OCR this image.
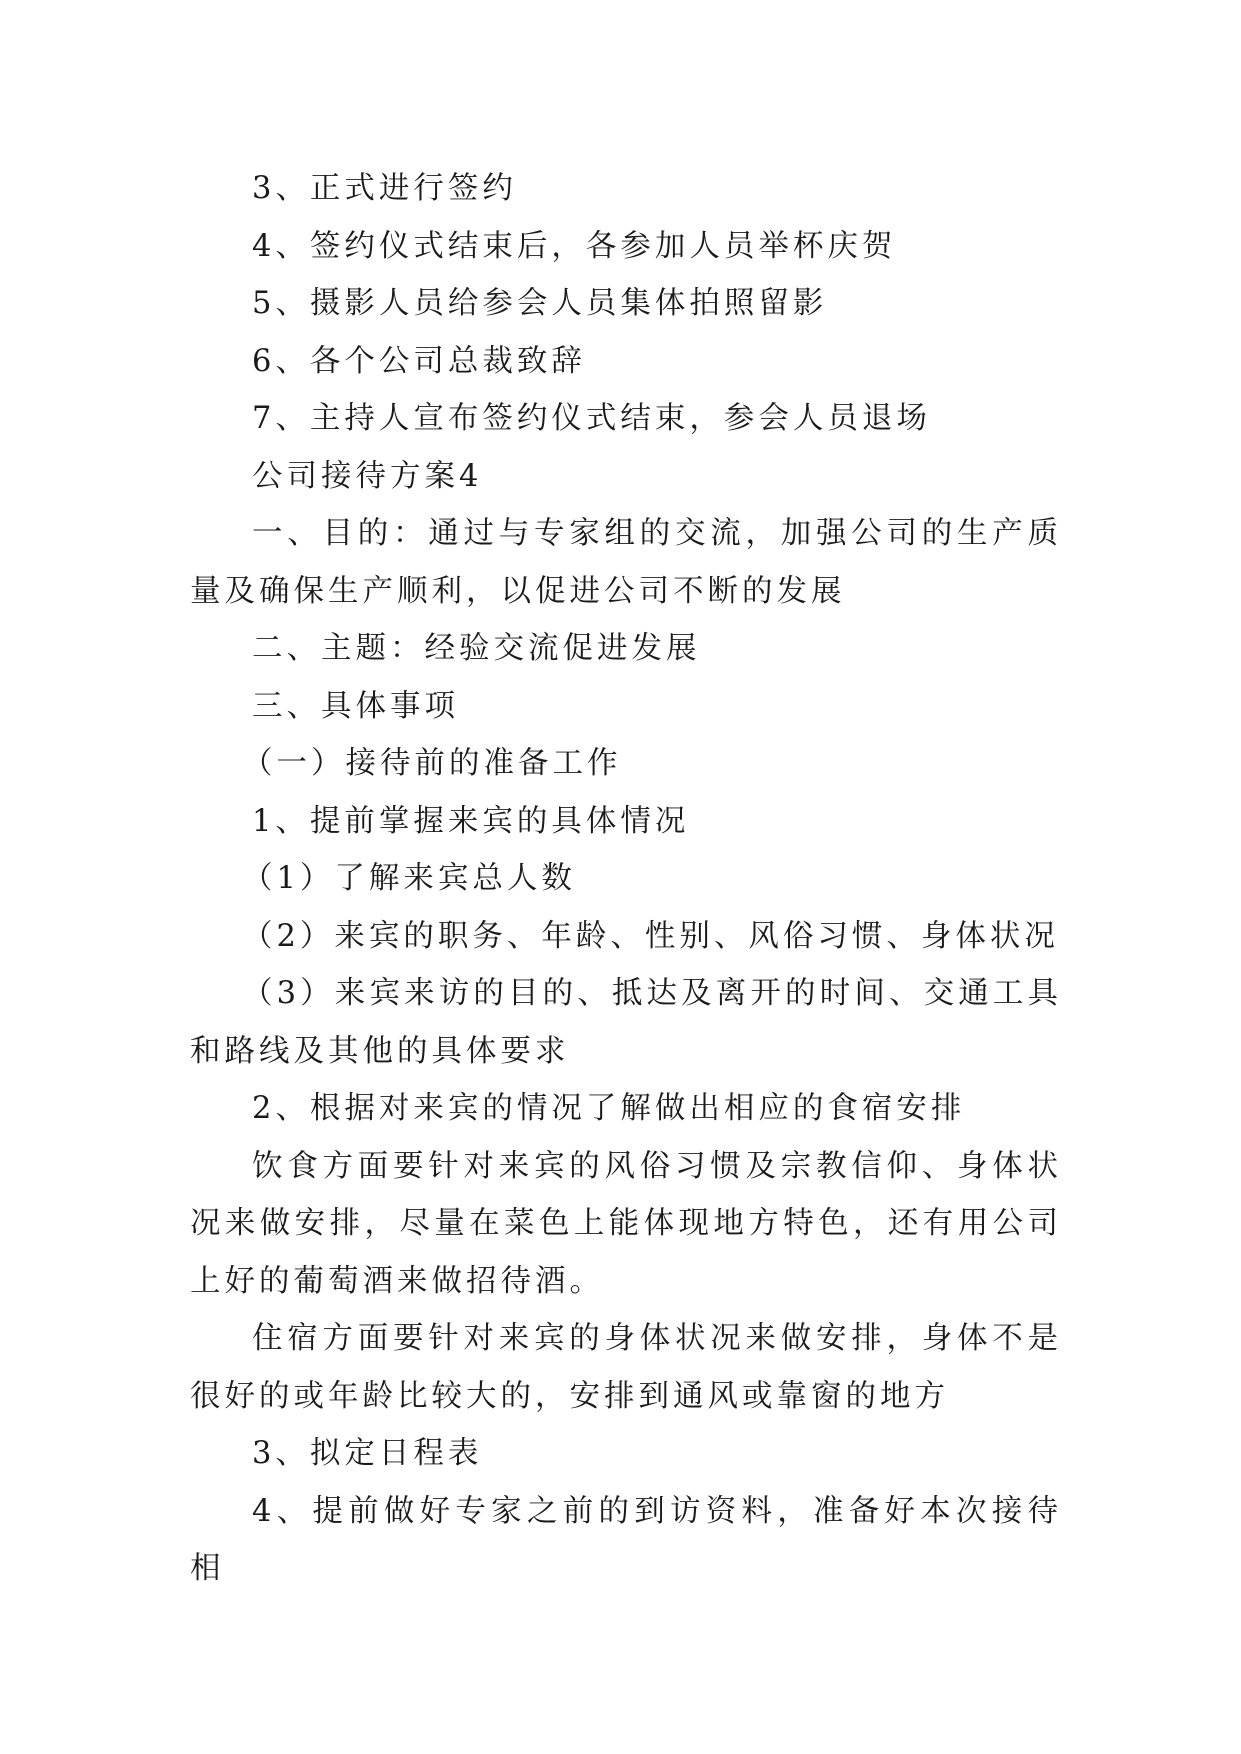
3、正式进行签约

4、签约仪式结束后，各参加人员举杯庆贺

5、摄影人员给参会人员集体拍照留影

6、各个公司总裁致辞

7、主持人宣布签约仪式结束，参会人员退场

公司接待方案4

一、目的：通过与专家组的交流，加强公司的生产质量及确保生产顺利，以促进公司不断的发展

二、主题：经验交流促进发展

三、具体事项

（一）接待前的准备工作

1、提前掌握来宾的具体情况

（1）了解来宾总人数

（2）来宾的职务、年龄、性别、风俗习惯、身体状况

（3）来宾来访的目的、抵达及离开的时间、交通工具和路线及其他的具体要求

2、根据对来宾的情况了解做出相应的食宿安排

饮食方面要针对来宾的风俗习惯及宗教信仰、身体状况来做安排，尽量在菜色上能体现地方特色，还有用公司上好的葡萄酒来做招待酒。

住宿方面要针对来宾的身体状况来做安排，身体不是很好的或年龄比较大的，安排到通风或靠窗的地方

3、拟定日程表

4、提前做好专家之前的到访资料，准备好本次接待相
